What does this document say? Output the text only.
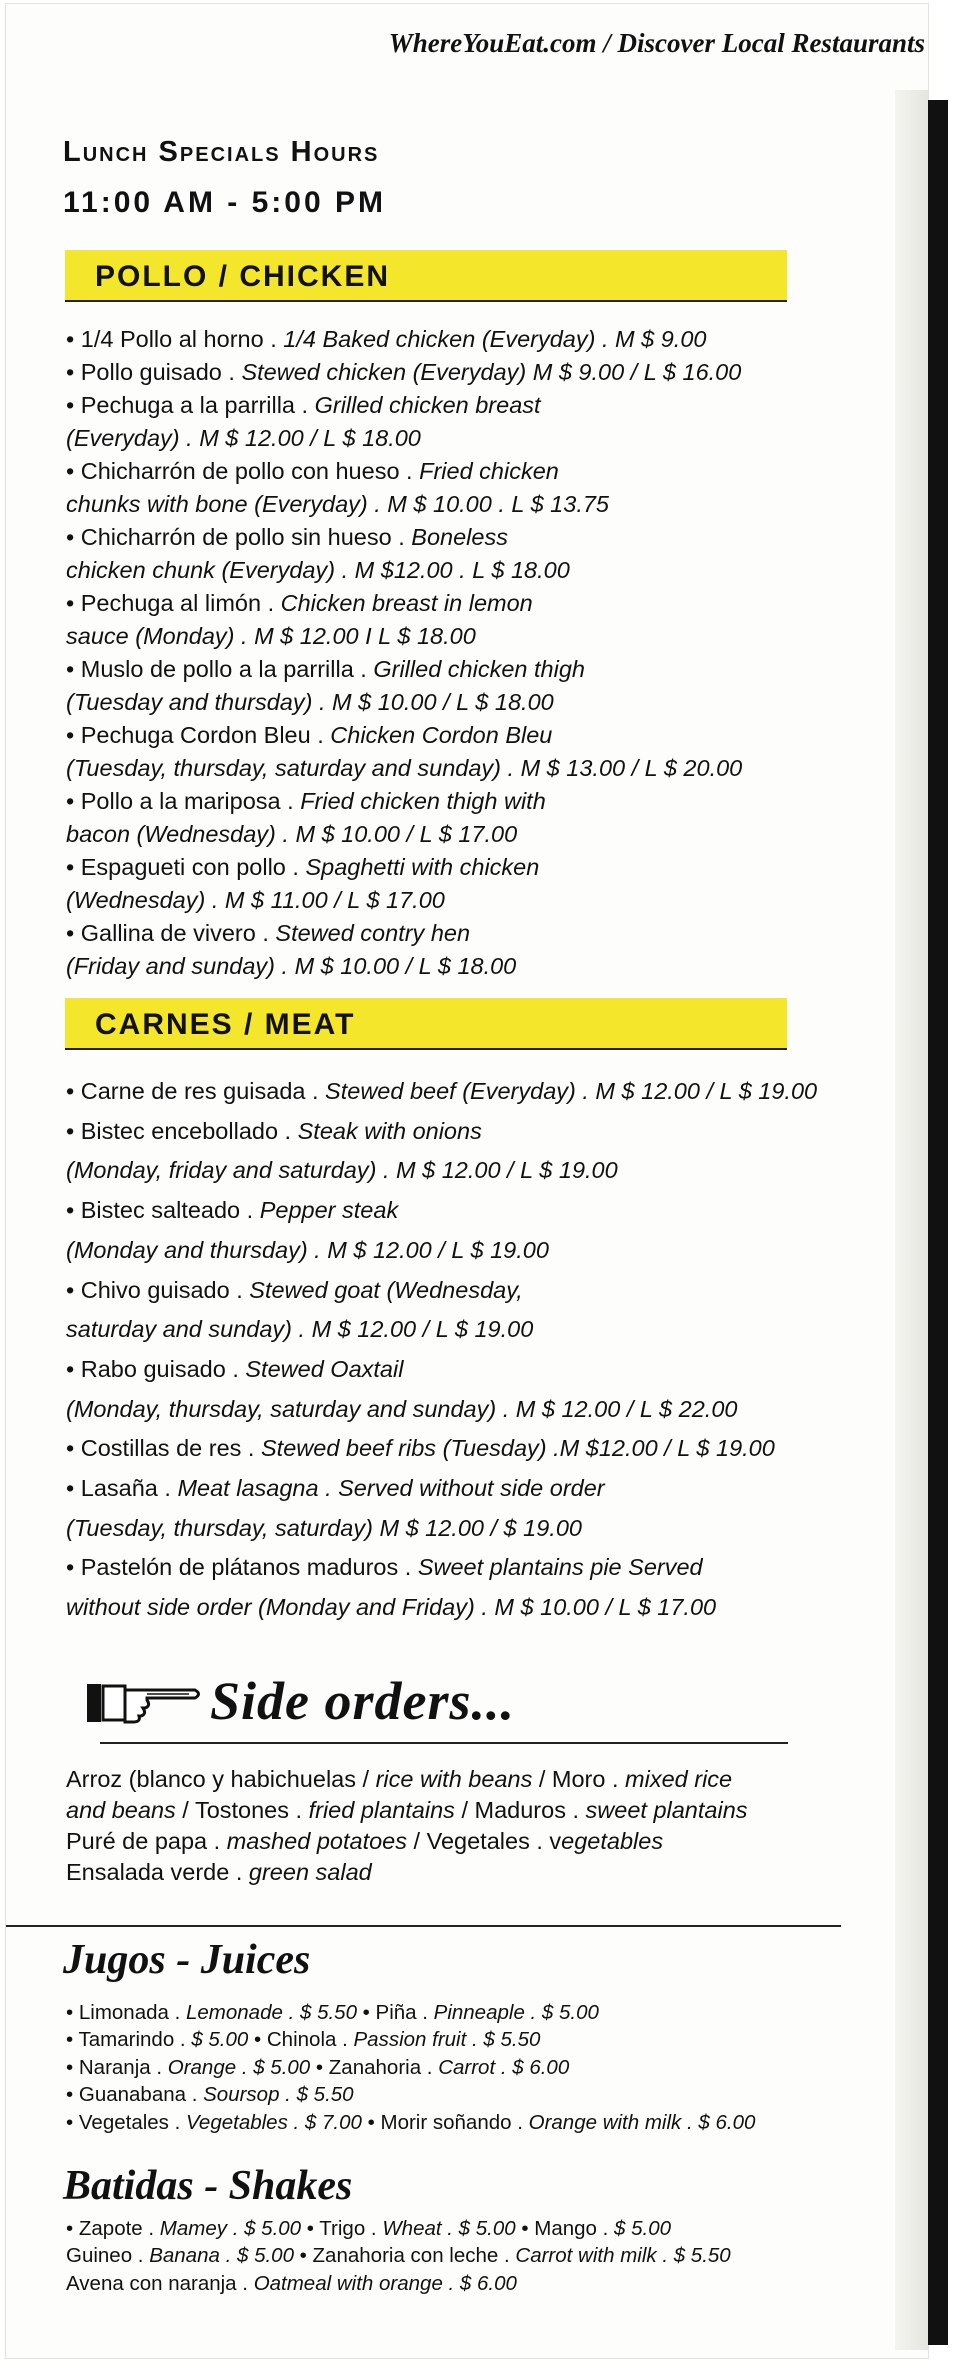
WhereYouEat.com / Discover Local Restaurants
Lunch Specials Hours
11:00 AM - 5:00 PM
POLLO / CHICKEN
• 1/4 Pollo al horno . 1/4 Baked chicken (Everyday) . M $ 9.00
• Pollo guisado . Stewed chicken (Everyday) M $ 9.00 / L $ 16.00
• Pechuga a la parrilla . Grilled chicken breast
(Everyday) . M $ 12.00 / L $ 18.00
• Chicharrón de pollo con hueso . Fried chicken
chunks with bone (Everyday) . M $ 10.00 . L $ 13.75
• Chicharrón de pollo sin hueso . Boneless
chicken chunk (Everyday) . M $12.00 . L $ 18.00
• Pechuga al limón . Chicken breast in lemon
sauce (Monday) . M $ 12.00 I L $ 18.00
• Muslo de pollo a la parrilla . Grilled chicken thigh
(Tuesday and thursday) . M $ 10.00 / L $ 18.00
• Pechuga Cordon Bleu . Chicken Cordon Bleu
(Tuesday, thursday, saturday and sunday) . M $ 13.00 / L $ 20.00
• Pollo a la mariposa . Fried chicken thigh with
bacon (Wednesday) . M $ 10.00 / L $ 17.00
• Espagueti con pollo . Spaghetti with chicken
(Wednesday) . M $ 11.00 / L $ 17.00
• Gallina de vivero . Stewed contry hen
(Friday and sunday) . M $ 10.00 / L $ 18.00
CARNES / MEAT
• Carne de res guisada . Stewed beef (Everyday) . M $ 12.00 / L $ 19.00
• Bistec encebollado . Steak with onions
(Monday, friday and saturday) . M $ 12.00 / L $ 19.00
• Bistec salteado . Pepper steak
(Monday and thursday) . M $ 12.00 / L $ 19.00
• Chivo guisado . Stewed goat (Wednesday,
saturday and sunday) . M $ 12.00 / L $ 19.00
• Rabo guisado . Stewed Oaxtail
(Monday, thursday, saturday and sunday) . M $ 12.00 / L $ 22.00
• Costillas de res . Stewed beef ribs (Tuesday) .M $12.00 / L $ 19.00
• Lasaña . Meat lasagna . Served without side order
(Tuesday, thursday, saturday) M $ 12.00 / $ 19.00
• Pastelón de plátanos maduros . Sweet plantains pie Served
without side order (Monday and Friday) . M $ 10.00 / L $ 17.00
Side orders...
Arroz (blanco y habichuelas / rice with beans / Moro . mixed rice
and beans / Tostones . fried plantains / Maduros . sweet plantains
Puré de papa . mashed potatoes / Vegetales . vegetables
Ensalada verde . green salad
Jugos - Juices
• Limonada . Lemonade . $ 5.50 • Piña . Pinneaple . $ 5.00
• Tamarindo . $ 5.00 • Chinola . Passion fruit . $ 5.50
• Naranja . Orange . $ 5.00 • Zanahoria . Carrot . $ 6.00
• Guanabana . Soursop . $ 5.50
• Vegetales . Vegetables . $ 7.00 • Morir soñando . Orange with milk . $ 6.00
Batidas - Shakes
• Zapote . Mamey . $ 5.00 • Trigo . Wheat . $ 5.00 • Mango . $ 5.00
Guineo . Banana . $ 5.00 • Zanahoria con leche . Carrot with milk . $ 5.50
Avena con naranja . Oatmeal with orange . $ 6.00
